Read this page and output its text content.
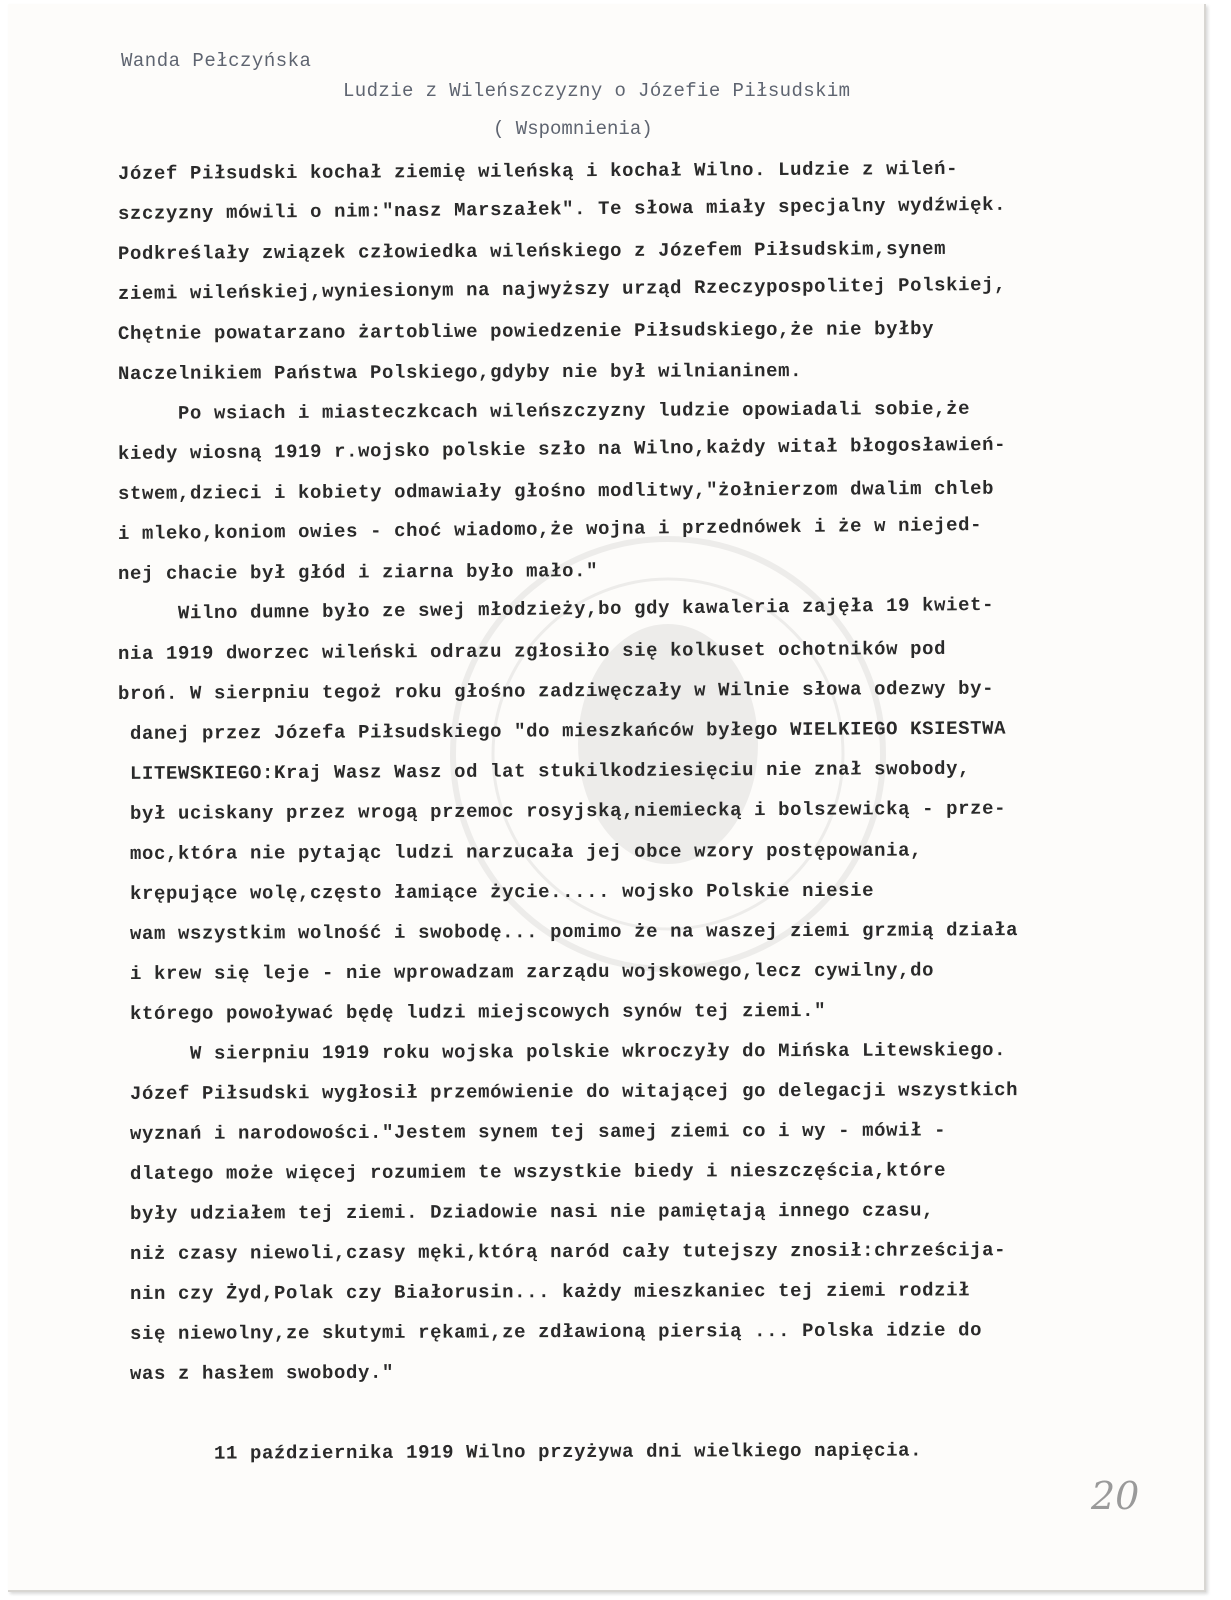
Wanda Pełczyńska
Ludzie z Wileńszczyzny o Józefie Piłsudskim
( Wspomnienia)
Józef Piłsudski kochał ziemię wileńską i kochał Wilno. Ludzie z wileń-
szczyzny mówili o nim:"nasz Marszałek". Te słowa miały specjalny wydźwięk.
Podkreślały związek człowiedka wileńskiego z Józefem Piłsudskim,synem
ziemi wileńskiej,wyniesionym na najwyższy urząd Rzeczypospolitej Polskiej,
Chętnie powatarzano żartobliwe powiedzenie Piłsudskiego,że nie byłby
Naczelnikiem Państwa Polskiego,gdyby nie był wilnianinem.
Po wsiach i miasteczkcach wileńszczyzny ludzie opowiadali sobie,że
kiedy wiosną 1919 r.wojsko polskie szło na Wilno,każdy witał błogosławień-
stwem,dzieci i kobiety odmawiały głośno modlitwy,"żołnierzom dwalim chleb
i mleko,koniom owies - choć wiadomo,że wojna i przednówek i że w niejed-
nej chacie był głód i ziarna było mało."
Wilno dumne było ze swej młodzieży,bo gdy kawaleria zajęła 19 kwiet-
nia 1919 dworzec wileński odrazu zgłosiło się kolkuset ochotników pod
broń. W sierpniu tegoż roku głośno zadziwęczały w Wilnie słowa odezwy by-
danej przez Józefa Piłsudskiego "do mieszkańców byłego WIELKIEGO KSIESTWA
LITEWSKIEGO:Kraj Wasz Wasz od lat stukilkodziesięciu nie znał swobody,
był uciskany przez wrogą przemoc rosyjską,niemiecką i bolszewicką - prze-
moc,która nie pytając ludzi narzucała jej obce wzory postępowania,
krępujące wolę,często łamiące życie..... wojsko Polskie niesie
wam wszystkim wolność i swobodę... pomimo że na waszej ziemi grzmią działa
i krew się leje - nie wprowadzam zarządu wojskowego,lecz cywilny,do
którego powoływać będę ludzi miejscowych synów tej ziemi."
W sierpniu 1919 roku wojska polskie wkroczyły do Mińska Litewskiego.
Józef Piłsudski wygłosił przemówienie do witającej go delegacji wszystkich
wyznań i narodowości."Jestem synem tej samej ziemi co i wy - mówił -
dlatego może więcej rozumiem te wszystkie biedy i nieszczęścia,które
były udziałem tej ziemi. Dziadowie nasi nie pamiętają innego czasu,
niż czasy niewoli,czasy męki,którą naród cały tutejszy znosił:chrześcija-
nin czy Żyd,Polak czy Białorusin... każdy mieszkaniec tej ziemi rodził
się niewolny,ze skutymi rękami,ze zdławioną piersią ... Polska idzie do
was z hasłem swobody."
11 października 1919 Wilno przyżywa dni wielkiego napięcia.
20
